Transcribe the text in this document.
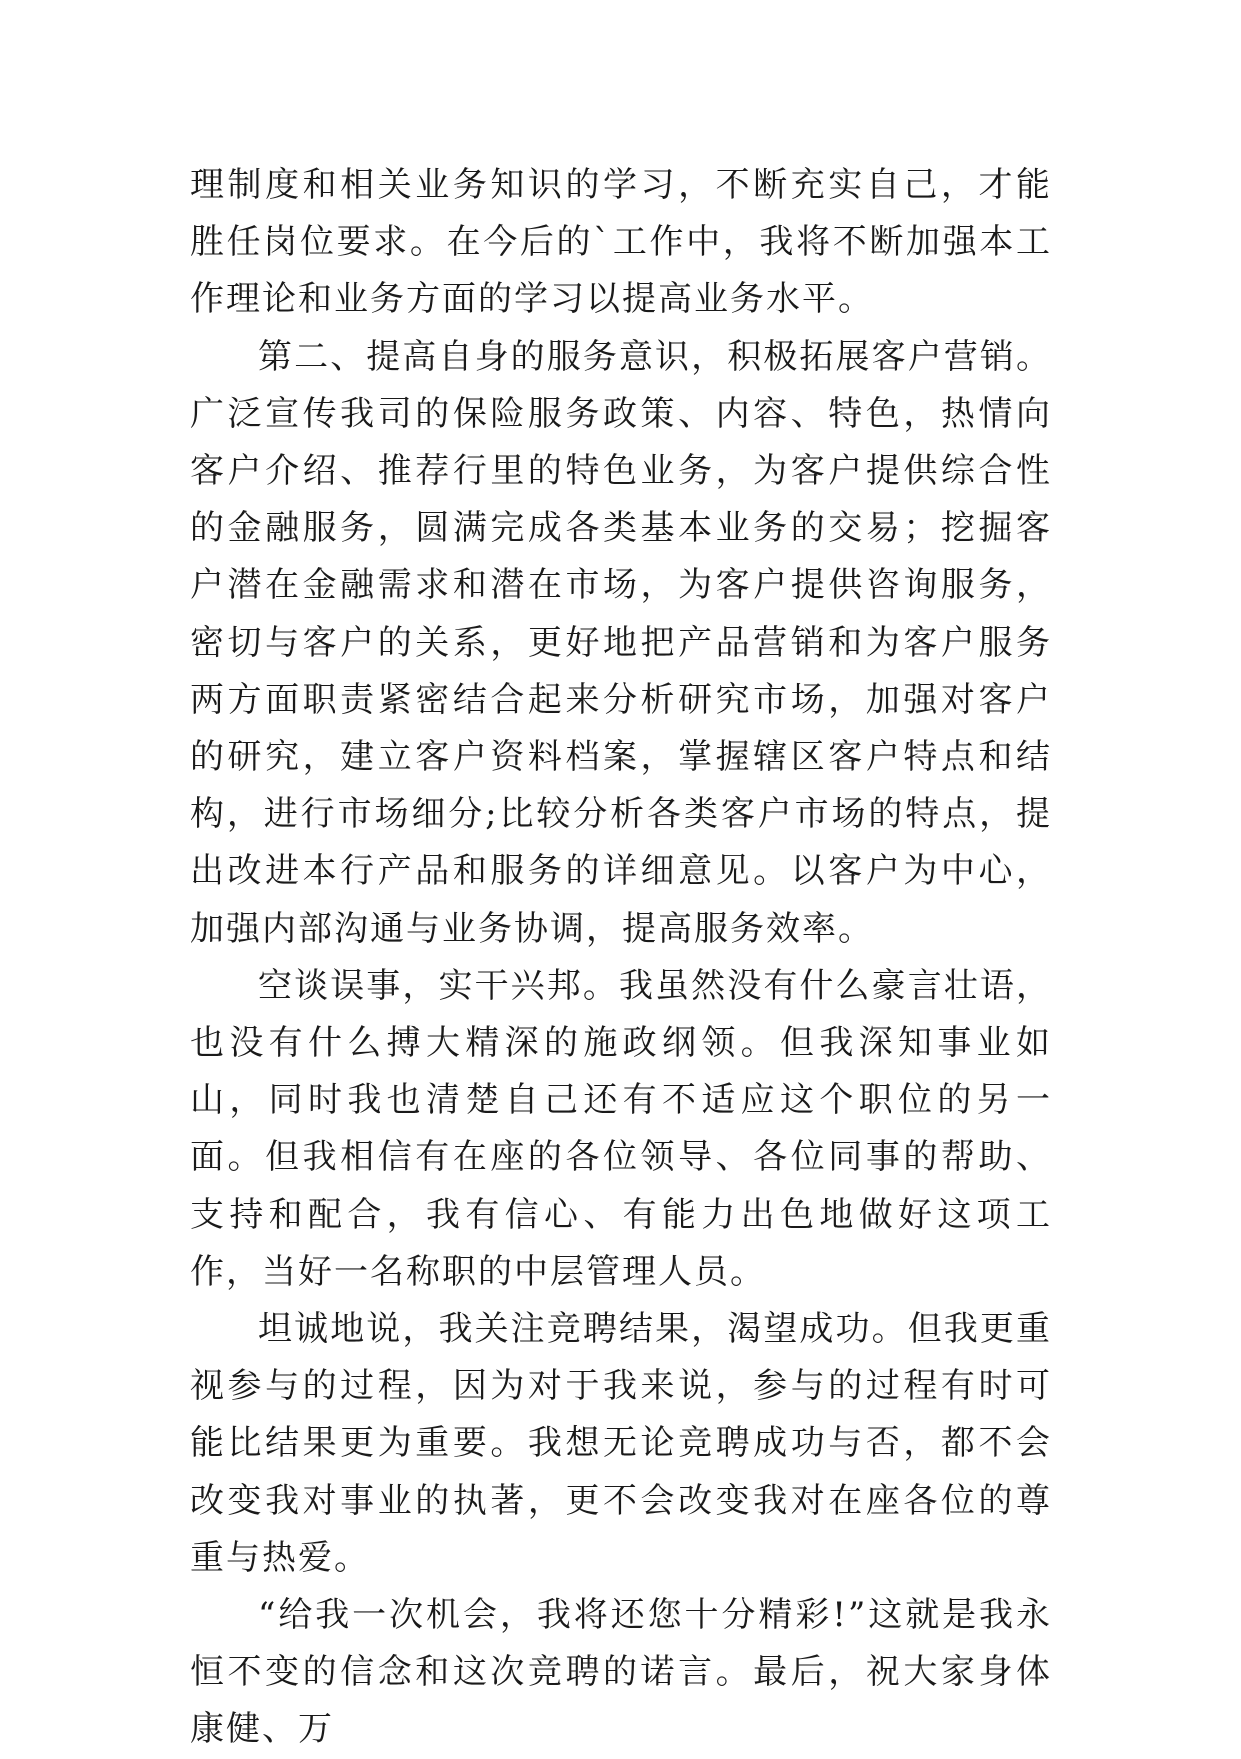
理制度和相关业务知识的学习，不断充实自己，才能胜任岗位要求。在今后的`工作中，我将不断加强本工作理论和业务方面的学习以提高业务水平。

第二、提高自身的服务意识，积极拓展客户营销。广泛宣传我司的保险服务政策、内容、特色，热情向客户介绍、推荐行里的特色业务，为客户提供综合性的金融服务，圆满完成各类基本业务的交易；挖掘客户潜在金融需求和潜在市场，为客户提供咨询服务，密切与客户的关系，更好地把产品营销和为客户服务两方面职责紧密结合起来分析研究市场，加强对客户的研究，建立客户资料档案，掌握辖区客户特点和结构，进行市场细分;比较分析各类客户市场的特点，提出改进本行产品和服务的详细意见。以客户为中心，加强内部沟通与业务协调，提高服务效率。

空谈误事，实干兴邦。我虽然没有什么豪言壮语，也没有什么搏大精深的施政纲领。但我深知事业如山，同时我也清楚自己还有不适应这个职位的另一面。但我相信有在座的各位领导、各位同事的帮助、支持和配合，我有信心、有能力出色地做好这项工作，当好一名称职的中层管理人员。

坦诚地说，我关注竞聘结果，渴望成功。但我更重视参与的过程，因为对于我来说，参与的过程有时可能比结果更为重要。我想无论竞聘成功与否，都不会改变我对事业的执著，更不会改变我对在座各位的尊重与热爱。

“给我一次机会，我将还您十分精彩!”这就是我永恒不变的信念和这次竞聘的诺言。最后，祝大家身体康健、万
